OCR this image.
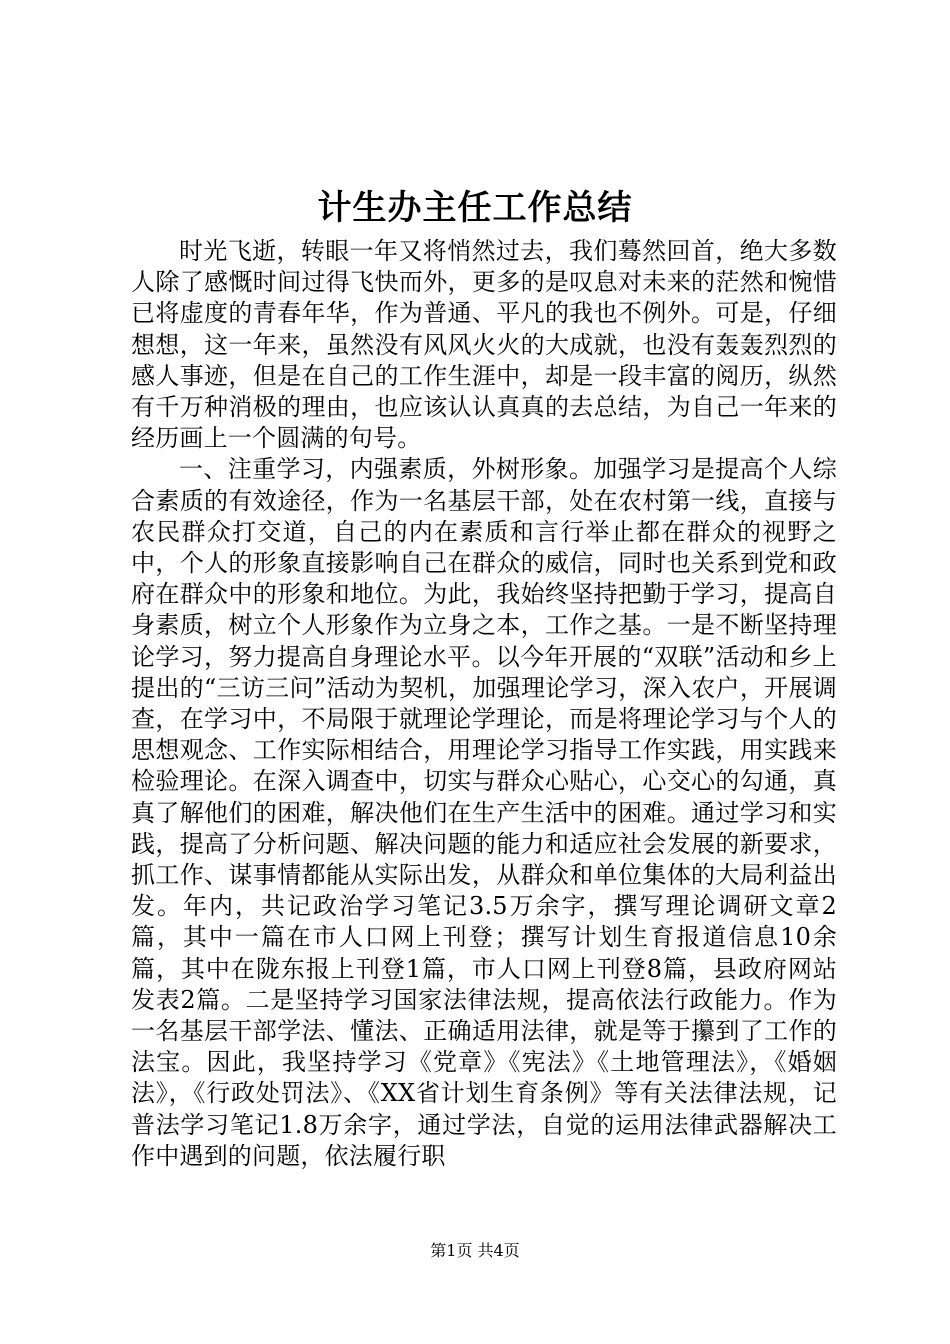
计生办主任工作总结

时光飞逝，转眼一年又将悄然过去，我们蓦然回首，绝大多数人除了感慨时间过得飞快而外，更多的是叹息对未来的茫然和惋惜已将虚度的青春年华，作为普通、平凡的我也不例外。可是，仔细想想，这一年来，虽然没有风风火火的大成就，也没有轰轰烈烈的感人事迹，但是在自己的工作生涯中，却是一段丰富的阅历，纵然有千万种消极的理由，也应该认认真真的去总结，为自己一年来的经历画上一个圆满的句号。

一、注重学习，内强素质，外树形象。加强学习是提高个人综合素质的有效途径，作为一名基层干部，处在农村第一线，直接与农民群众打交道，自己的内在素质和言行举止都在群众的视野之中，个人的形象直接影响自己在群众的威信，同时也关系到党和政府在群众中的形象和地位。为此，我始终坚持把勤于学习，提高自身素质，树立个人形象作为立身之本，工作之基。一是不断坚持理论学习，努力提高自身理论水平。以今年开展的“双联”活动和乡上提出的“三访三问”活动为契机，加强理论学习，深入农户，开展调查，在学习中，不局限于就理论学理论，而是将理论学习与个人的思想观念、工作实际相结合，用理论学习指导工作实践，用实践来检验理论。在深入调查中，切实与群众心贴心，心交心的勾通，真真了解他们的困难，解决他们在生产生活中的困难。通过学习和实践，提高了分析问题、解决问题的能力和适应社会发展的新要求，抓工作、谋事情都能从实际出发，从群众和单位集体的大局利益出发。年内，共记政治学习笔记3.5万余字，撰写理论调研文章2篇，其中一篇在市人口网上刊登；撰写计划生育报道信息10余篇，其中在陇东报上刊登1篇，市人口网上刊登8篇，县政府网站发表2篇。二是坚持学习国家法律法规，提高依法行政能力。作为一名基层干部学法、懂法、正确适用法律，就是等于攥到了工作的法宝。因此，我坚持学习《党章》《宪法》《土地管理法》，《婚姻法》，《行政处罚法》、《XX省计划生育条例》等有关法律法规，记普法学习笔记1.8万余字，通过学法，自觉的运用法律武器解决工作中遇到的问题，依法履行职

第1页 共4页
